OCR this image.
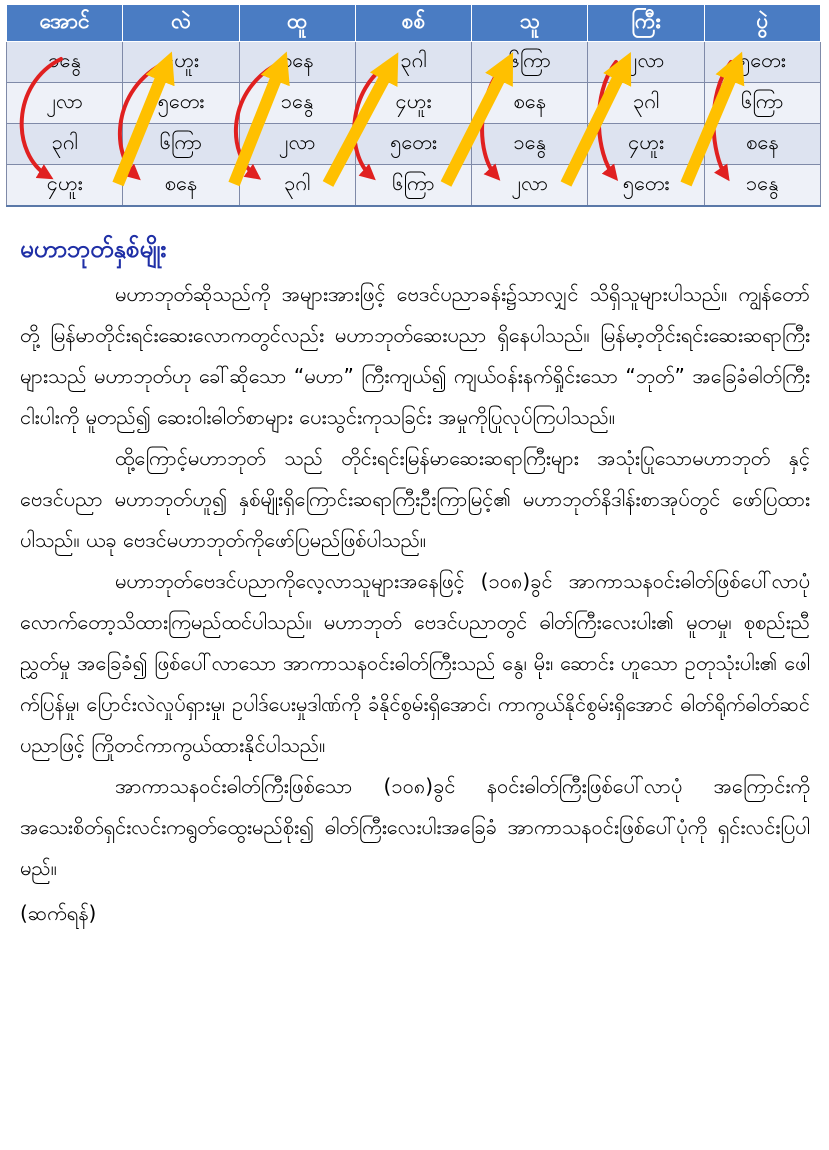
အောင်	လဲ	ထူ	စစ်	သူ	ကြီး	ပွဲ
၁နွေ	၄ဟူး	စနေ	၃ဂါ	၆ကြာ	၂လာ	၅တေး
၂လာ	၅တေး	၁နွေ	၄ဟူး	စနေ	၃ဂါ	၆ကြာ
၃ဂါ	၆ကြာ	၂လာ	၅တေး	၁နွေ	၄ဟူး	စနေ
၄ဟူး	စနေ	၃ဂါ	၆ကြာ	၂လာ	၅တေး	၁နွေ
မဟာဘုတ်နှစ်မျိုး

မဟာဘုတ်ဆိုသည်ကို အများအားဖြင့် ဗေဒင်ပညာခန်း၌သာလျှင် သိရှိသူများပါသည်။ ကျွန်တော်တို့ မြန်မာတိုင်းရင်းဆေးလောကတွင်လည်း မဟာဘုတ်ဆေးပညာ ရှိနေပါသည်။ မြန်မာ့တိုင်းရင်းဆေးဆရာကြီးများသည် မဟာဘုတ်ဟု ခေါ်ဆိုသော “မဟာ” ကြီးကျယ်၍ ကျယ်ဝန်းနက်ရှိုင်းသော “ဘုတ်” အခြေခံဓါတ်ကြီးငါးပါးကို မူတည်၍ ဆေးဝါးဓါတ်စာများ ပေးသွင်းကုသခြင်း အမှုကိုပြုလုပ်ကြပါသည်။

ထို့ကြောင့်မဟာဘုတ် သည် တိုင်းရင်းမြန်မာဆေးဆရာကြီးများ အသုံးပြုသောမဟာဘုတ် နှင့် ဗေဒင်ပညာ မဟာဘုတ်ဟူ၍ နှစ်မျိုးရှိကြောင်းဆရာကြီးဦးကြာမြင့်၏ မဟာဘုတ်နိဒါန်းစာအုပ်တွင် ဖော်ပြထားပါသည်။ ယခု ဗေဒင်မဟာဘုတ်ကိုဖော်ပြမည်ဖြစ်ပါသည်။

မဟာဘုတ်ဗေဒင်ပညာကိုလေ့လာသူများအနေဖြင့် (၁၀၈)ခွင် အာကာသနဝင်းဓါတ်ဖြစ်ပေါ်လာပုံ လောက်တော့သိထားကြမည်ထင်ပါသည်။ မဟာဘုတ် ဗေဒင်ပညာတွင် ဓါတ်ကြီးလေးပါး၏ မူတမှု၊ စုစည်းညီညွှတ်မှု အခြေခံ၍ ဖြစ်ပေါ်လာသော အာကာသနဝင်းဓါတ်ကြီးသည် နွေ၊ မိုး၊ ဆောင်း ဟူသော ဥတုသုံးပါး၏ ဖေါက်ပြန်မှု၊ ပြောင်းလဲလှုပ်ရှားမှု၊ ဥပါဒ်ပေးမှုဒါဏ်ကို ခံနိုင်စွမ်းရှိအောင်၊ ကာကွယ်နိုင်စွမ်းရှိအောင် ဓါတ်ရိုက်ဓါတ်ဆင်ပညာဖြင့် ကြိုတင်ကာကွယ်ထားနိုင်ပါသည်။

အာကာသနဝင်းဓါတ်ကြီးဖြစ်သော (၁၀၈)ခွင် နဝင်းဓါတ်ကြီးဖြစ်ပေါ်လာပုံ အကြောင်းကို အသေးစိတ်ရှင်းလင်းကရွတ်ထွေးမည်စိုး၍ ဓါတ်ကြီးလေးပါးအခြေခံ အာကာသနဝင်းဖြစ်ပေါ်ပုံကို ရှင်းလင်းပြပါမည်။

(ဆက်ရန်)
